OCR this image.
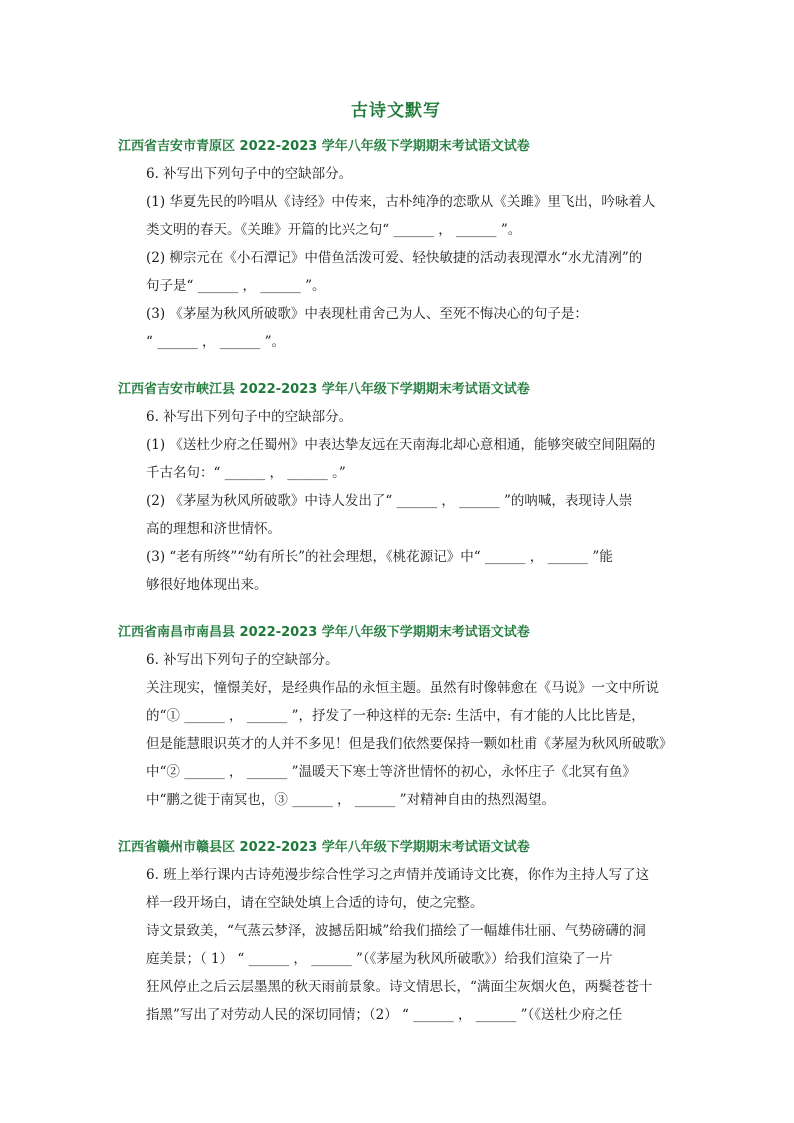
古诗文默写
江西省吉安市青原区 2022-2023 学年八年级下学期期末考试语文试卷

6. 补写出下列句子中的空缺部分。

(1) 华夏先民的吟唱从《诗经》中传来，古朴纯净的恋歌从《关雎》里飞出，吟咏着人

类文明的春天。《关雎》开篇的比兴之句“ ______ ， ______ ”。

(2) 柳宗元在《小石潭记》中借鱼活泼可爱、轻快敏捷的活动表现潭水“水尤清冽”的

句子是“ ______ ， ______ ”。

(3) 《茅屋为秋风所破歌》中表现杜甫舍己为人、至死不悔决心的句子是：

“ ______ ， ______ ”。

江西省吉安市峡江县 2022-2023 学年八年级下学期期末考试语文试卷

6. 补写出下列句子中的空缺部分。

(1) 《送杜少府之任蜀州》中表达挚友远在天南海北却心意相通，能够突破空间阻隔的

千古名句：“ ______ ， ______ 。”

(2) 《茅屋为秋风所破歌》中诗人发出了“ ______ ， ______ ”的呐喊，表现诗人崇

高的理想和济世情怀。

(3) “老有所终”“幼有所长”的社会理想，《桃花源记》中“ ______ ， ______ ”能

够很好地体现出来。

江西省南昌市南昌县 2022-2023 学年八年级下学期期末考试语文试卷

6. 补写出下列句子的空缺部分。

关注现实，憧憬美好，是经典作品的永恒主题。虽然有时像韩愈在《马说》一文中所说

的“① ______ ， ______ ”，抒发了一种这样的无奈: 生活中，有才能的人比比皆是，

但是能慧眼识英才的人并不多见！但是我们依然要保持一颗如杜甫《茅屋为秋风所破歌》

中“② ______ ， ______ ”温暖天下寒士等济世情怀的初心，永怀庄子《北冥有鱼》

中“鹏之徙于南冥也，③ ______ ， ______ ”对精神自由的热烈渴望。

江西省赣州市赣县区 2022-2023 学年八年级下学期期末考试语文试卷

6. 班上举行课内古诗苑漫步综合性学习之声情并茂诵诗文比赛，你作为主持人写了这

样一段开场白，请在空缺处填上合适的诗句，使之完整。

诗文景致美，“气蒸云梦泽，波撼岳阳城”给我们描绘了一幅雄伟壮丽、气势磅礴的洞

庭美景；（ 1） “ ______ ， ______ ”（《茅屋为秋风所破歌》）给我们渲染了一片

狂风停止之后云层墨黑的秋天雨前景象。诗文情思长，“满面尘灰烟火色，两鬓苍苍十

指黑”写出了对劳动人民的深切同情；（2） “ ______ ， ______ ”（《送杜少府之任
